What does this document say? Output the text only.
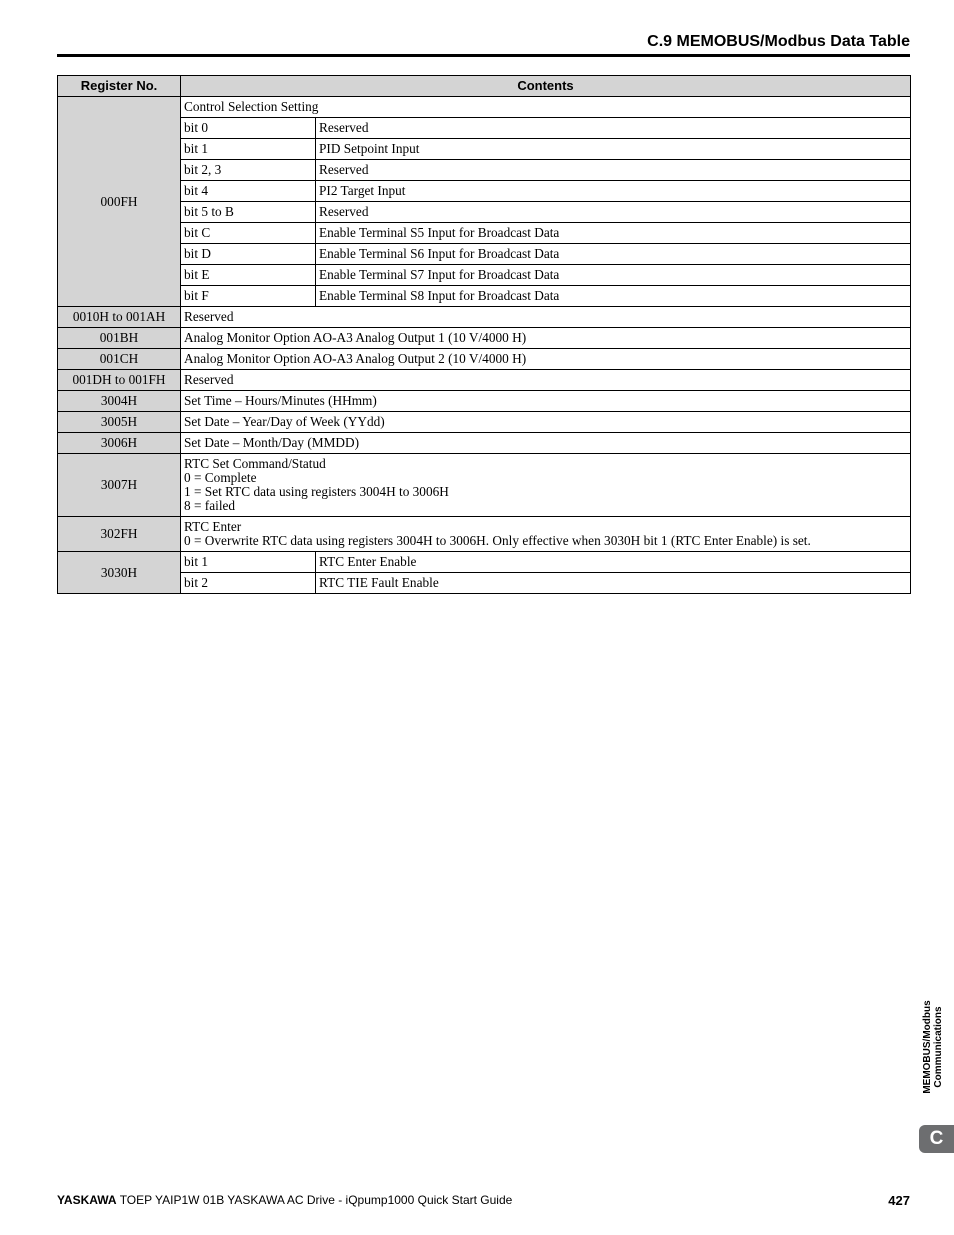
C.9 MEMOBUS/Modbus Data Table
Register No.	Contents	
000FH	Control Selection Setting	
	bit 0	Reserved
	bit 1	PID Setpoint Input
	bit 2, 3	Reserved
	bit 4	PI2 Target Input
	bit 5 to B	Reserved
	bit C	Enable Terminal S5 Input for Broadcast Data
	bit D	Enable Terminal S6 Input for Broadcast Data
	bit E	Enable Terminal S7 Input for Broadcast Data
	bit F	Enable Terminal S8 Input for Broadcast Data
0010H to 001AH	Reserved	
001BH	Analog Monitor Option AO-A3 Analog Output 1 (10 V/4000 H)	
001CH	Analog Monitor Option AO-A3 Analog Output 2 (10 V/4000 H)	
001DH to 001FH	Reserved	
3004H	Set Time – Hours/Minutes (HHmm)	
3005H	Set Date – Year/Day of Week (YYdd)	
3006H	Set Date – Month/Day (MMDD)	
3007H	RTC Set Command/Statud
0 = Complete
1 = Set RTC data using registers 3004H to 3006H
8 = failed	

302FH	RTC Enter
0 = Overwrite RTC data using registers 3004H to 3006H. Only effective when 3030H bit 1 (RTC Enter Enable) is set.	

3030H	bit 1	RTC Enter Enable
	bit 2	RTC TIE Fault Enable
MEMOBUS/Modbus Communications
C
YASKAWA TOEP YAIP1W 01B YASKAWA AC Drive - iQpump1000 Quick Start Guide	427
